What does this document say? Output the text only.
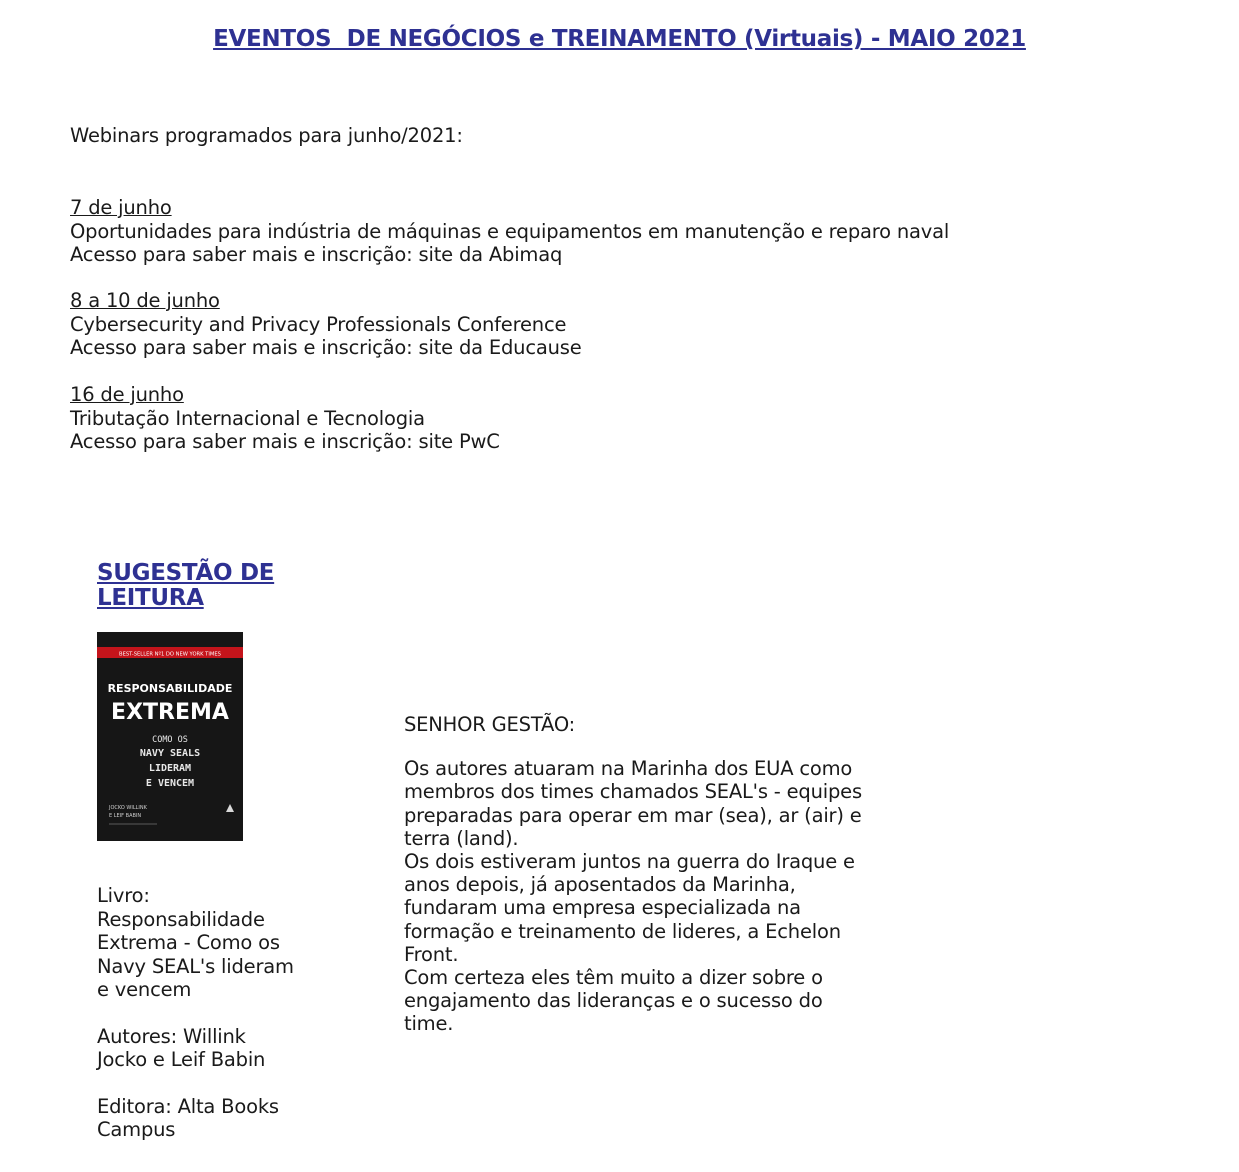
EVENTOS  DE NEGÓCIOS e TREINAMENTO (Virtuais) - MAIO 2021
Webinars programados para junho/2021:
7 de junho
Oportunidades para indústria de máquinas e equipamentos em manutenção e reparo naval
Acesso para saber mais e inscrição: site da Abimaq
8 a 10 de junho
Cybersecurity and Privacy Professionals Conference
Acesso para saber mais e inscrição: site da Educause
16 de junho
Tributação Internacional e Tecnologia
Acesso para saber mais e inscrição: site PwC
SUGESTÃO DE LEITURA
BEST-SELLER Nº1 DO NEW YORK TIMES
RESPONSABILIDADE
EXTREMA
COMO OS
NAVY SEALS
LIDERAM
E VENCEM
JOCKO WILLINK
E LEIF BABIN

Livro: Responsabilidade Extrema - Como os Navy SEAL's lideram e vencem

Autores: Willink Jocko e Leif Babin

Editora: Alta Books Campus

SENHOR GESTÃO:

Os autores atuaram na Marinha dos EUA como membros dos times chamados SEAL's - equipes preparadas para operar em mar (sea), ar (air) e terra (land).

Os dois estiveram juntos na guerra do Iraque e anos depois, já aposentados da Marinha, fundaram uma empresa especializada na formação e treinamento de lideres, a Echelon Front.

Com certeza eles têm muito a dizer sobre o engajamento das lideranças e o sucesso do time.
